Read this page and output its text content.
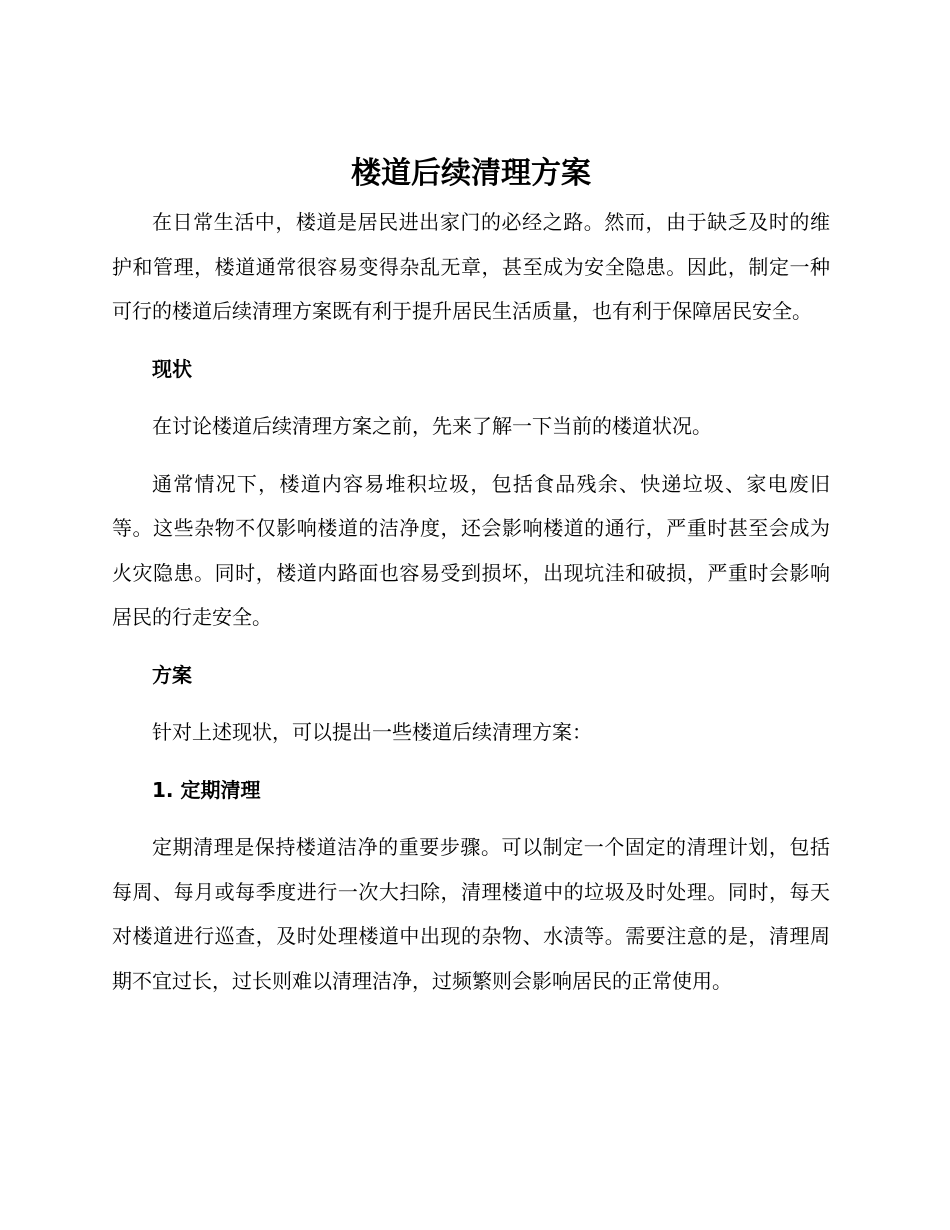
楼道后续清理方案

在日常生活中，楼道是居民进出家门的必经之路。然而，由于缺乏及时的维护和管理，楼道通常很容易变得杂乱无章，甚至成为安全隐患。因此，制定一种可行的楼道后续清理方案既有利于提升居民生活质量，也有利于保障居民安全。

现状

在讨论楼道后续清理方案之前，先来了解一下当前的楼道状况。

通常情况下，楼道内容易堆积垃圾，包括食品残余、快递垃圾、家电废旧等。这些杂物不仅影响楼道的洁净度，还会影响楼道的通行，严重时甚至会成为火灾隐患。同时，楼道内路面也容易受到损坏，出现坑洼和破损，严重时会影响居民的行走安全。

方案

针对上述现状，可以提出一些楼道后续清理方案：

1. 定期清理

定期清理是保持楼道洁净的重要步骤。可以制定一个固定的清理计划，包括每周、每月或每季度进行一次大扫除，清理楼道中的垃圾及时处理。同时，每天对楼道进行巡查，及时处理楼道中出现的杂物、水渍等。需要注意的是，清理周期不宜过长，过长则难以清理洁净，过频繁则会影响居民的正常使用。
